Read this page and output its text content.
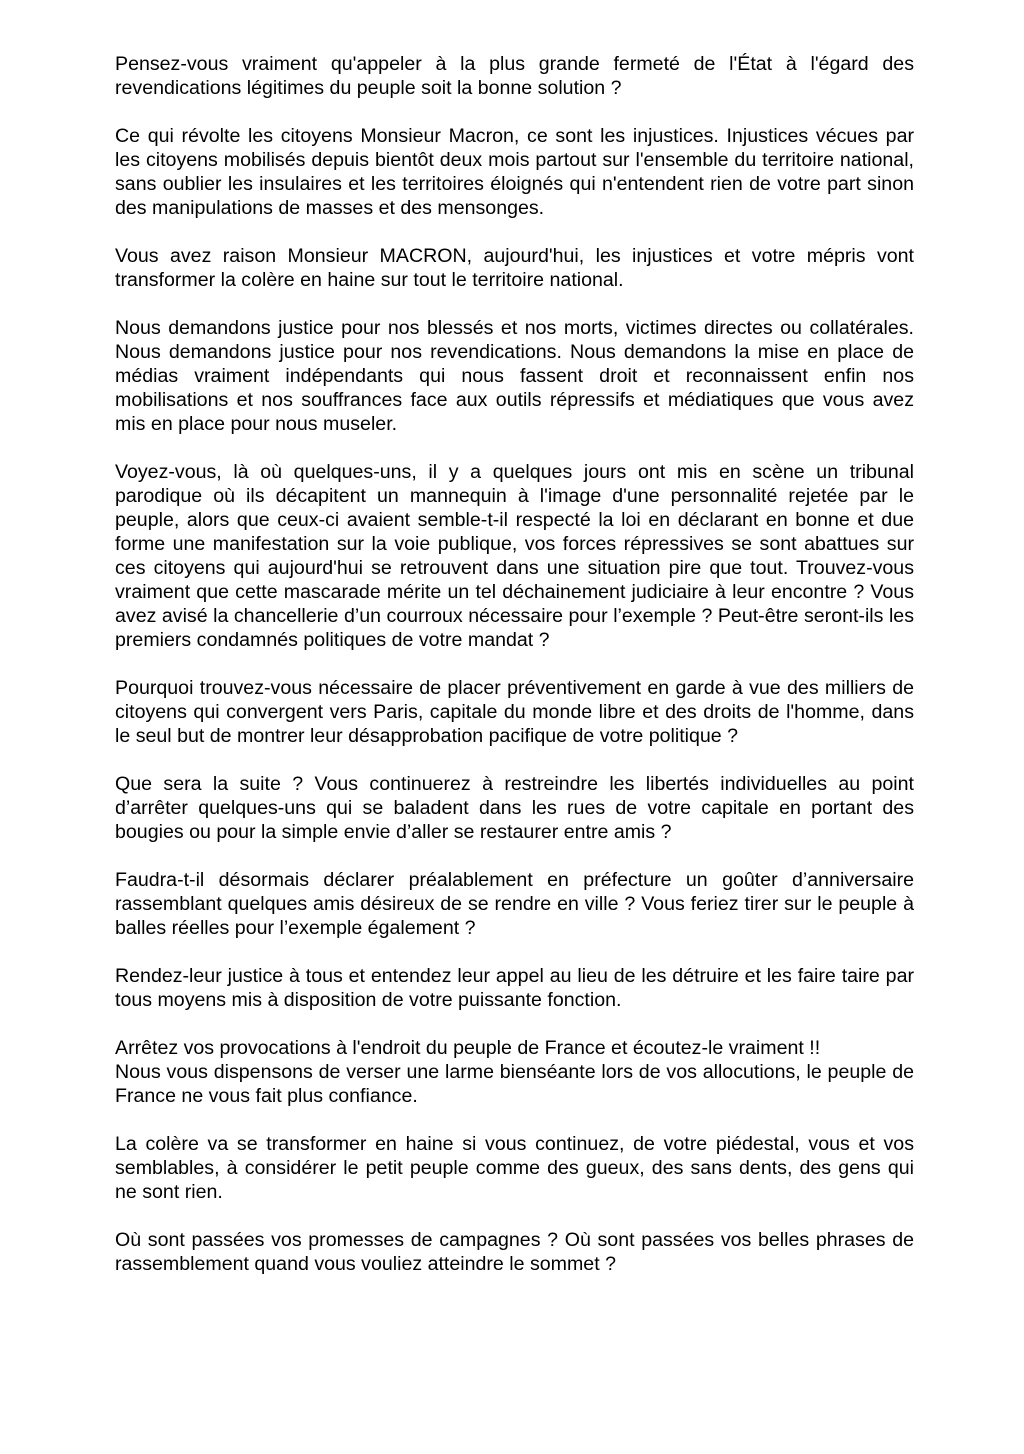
Pensez-vous vraiment qu'appeler à la plus grande fermeté de l'État à l'égard des revendications légitimes du peuple soit la bonne solution ?

Ce qui révolte les citoyens Monsieur Macron, ce sont les injustices. Injustices vécues par les citoyens mobilisés depuis bientôt deux mois partout sur l'ensemble du territoire national, sans oublier les insulaires et les territoires éloignés qui n'entendent rien de votre part sinon des manipulations de masses et des mensonges.

Vous avez raison Monsieur MACRON, aujourd'hui, les injustices et votre mépris vont transformer la colère en haine sur tout le territoire national.

Nous demandons justice pour nos blessés et nos morts, victimes directes ou collatérales. Nous demandons justice pour nos revendications. Nous demandons la mise en place de médias vraiment indépendants qui nous fassent droit et reconnaissent enfin nos mobilisations et nos souffrances face aux outils répressifs et médiatiques que vous avez mis en place pour nous museler.

Voyez-vous, là où quelques-uns, il y a quelques jours ont mis en scène un tribunal parodique où ils décapitent un mannequin à l'image d'une personnalité rejetée par le peuple, alors que ceux-ci avaient semble-t-il respecté la loi en déclarant en bonne et due forme une manifestation sur la voie publique, vos forces répressives se sont abattues sur ces citoyens qui aujourd'hui se retrouvent dans une situation pire que tout. Trouvez-vous vraiment que cette mascarade mérite un tel déchainement judiciaire à leur encontre ? Vous avez avisé la chancellerie d’un courroux nécessaire pour l’exemple ? Peut-être seront-ils les premiers condamnés politiques de votre mandat ?

Pourquoi trouvez-vous nécessaire de placer préventivement en garde à vue des milliers de citoyens qui convergent vers Paris, capitale du monde libre et des droits de l'homme, dans le seul but de montrer leur désapprobation pacifique de votre politique ?

Que sera la suite ? Vous continuerez à restreindre les libertés individuelles au point d’arrêter quelques-uns qui se baladent dans les rues de votre capitale en portant des bougies ou pour la simple envie d’aller se restaurer entre amis ?

Faudra-t-il désormais déclarer préalablement en préfecture un goûter d’anniversaire rassemblant quelques amis désireux de se rendre en ville ? Vous feriez tirer sur le peuple à balles réelles pour l’exemple également ?

Rendez-leur justice à tous et entendez leur appel au lieu de les détruire et les faire taire par tous moyens mis à disposition de votre puissante fonction.

Arrêtez vos provocations à l'endroit du peuple de France et écoutez-le vraiment !!
Nous vous dispensons de verser une larme bienséante lors de vos allocutions, le peuple de France ne vous fait plus confiance.

La colère va se transformer en haine si vous continuez, de votre piédestal, vous et vos semblables, à considérer le petit peuple comme des gueux, des sans dents, des gens qui ne sont rien.

Où sont passées vos promesses de campagnes ? Où sont passées vos belles phrases de rassemblement quand vous vouliez atteindre le sommet ?
